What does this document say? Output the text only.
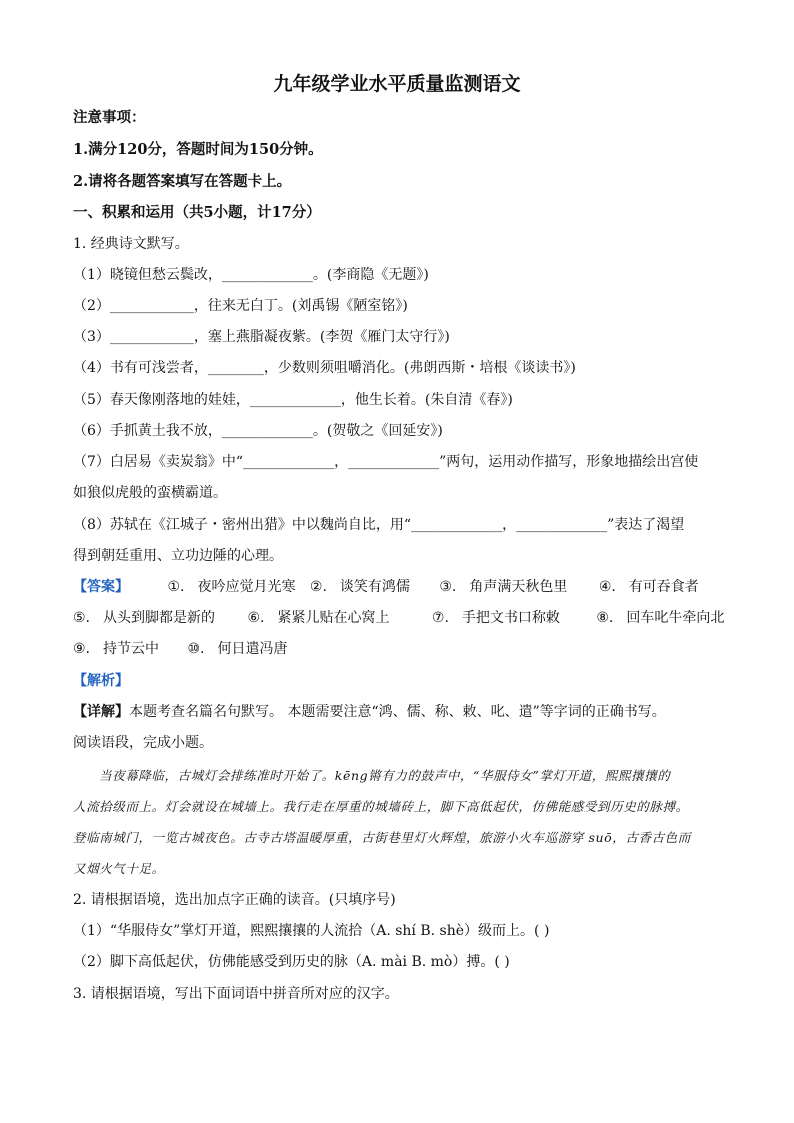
九年级学业水平质量监测语文
注意事项：
1.满分120分，答题时间为150分钟。
2.请将各题答案填写在答题卡上。
一、积累和运用（共5小题，计17分）
1. 经典诗文默写。
（1）晓镜但愁云鬓改，_____________。(李商隐《无题》)
（2）____________，往来无白丁。(刘禹锡《陋室铭》)
（3）____________，塞上燕脂凝夜紫。(李贺《雁门太守行》)
（4）书有可浅尝者，________，少数则须咀嚼消化。(弗朗西斯・培根《谈读书》)
（5）春天像刚落地的娃娃，_____________，他生长着。(朱自清《春》)
（6）手抓黄土我不放，_____________。(贺敬之《回延安》)
（7）白居易《卖炭翁》中“_____________，_____________”两句，运用动作描写，形象地描绘出宫使
如狼似虎般的蛮横霸道。
（8）苏轼在《江城子・密州出猎》中以魏尚自比，用“_____________，_____________”表达了渴望
得到朝廷重用、立功边陲的心理。
【答案】	①. 夜吟应觉月光寒 ②. 谈笑有鸿儒 ③. 角声满天秋色里 ④. 有可吞食者
⑤. 从头到脚都是新的 ⑥. 紧紧儿贴在心窝上	⑦. 手把文书口称敕	⑧. 回车叱牛牵向北
⑨. 持节云中 ⑩. 何日遣冯唐
【解析】
【详解】本题考查名篇名句默写。 本题需要注意“鸿、儒、称、敕、叱、遣”等字词的正确书写。
阅读语段，完成小题。

当夜幕降临，古城灯会排练准时开始了。kēng锵有力的鼓声中，“华服侍女”掌灯开道，熙熙攘攘的

人流拾级而上。灯会就设在城墙上。我行走在厚重的城墙砖上，脚下高低起伏，仿佛能感受到历史的脉搏。

登临南城门，一览古城夜色。古寺古塔温暖厚重，古街巷里灯火辉煌，旅游小火车巡游穿 suō，古香古色而

又烟火气十足。

2. 请根据语境，选出加点字正确的读音。(只填序号)
（1）“华服侍女”掌灯开道，熙熙攘攘的人流拾（A. shí B. shè）级而上。( )
（2）脚下高低起伏，仿佛能感受到历史的脉（A. mài B. mò）搏。( )
3. 请根据语境，写出下面词语中拼音所对应的汉字。
